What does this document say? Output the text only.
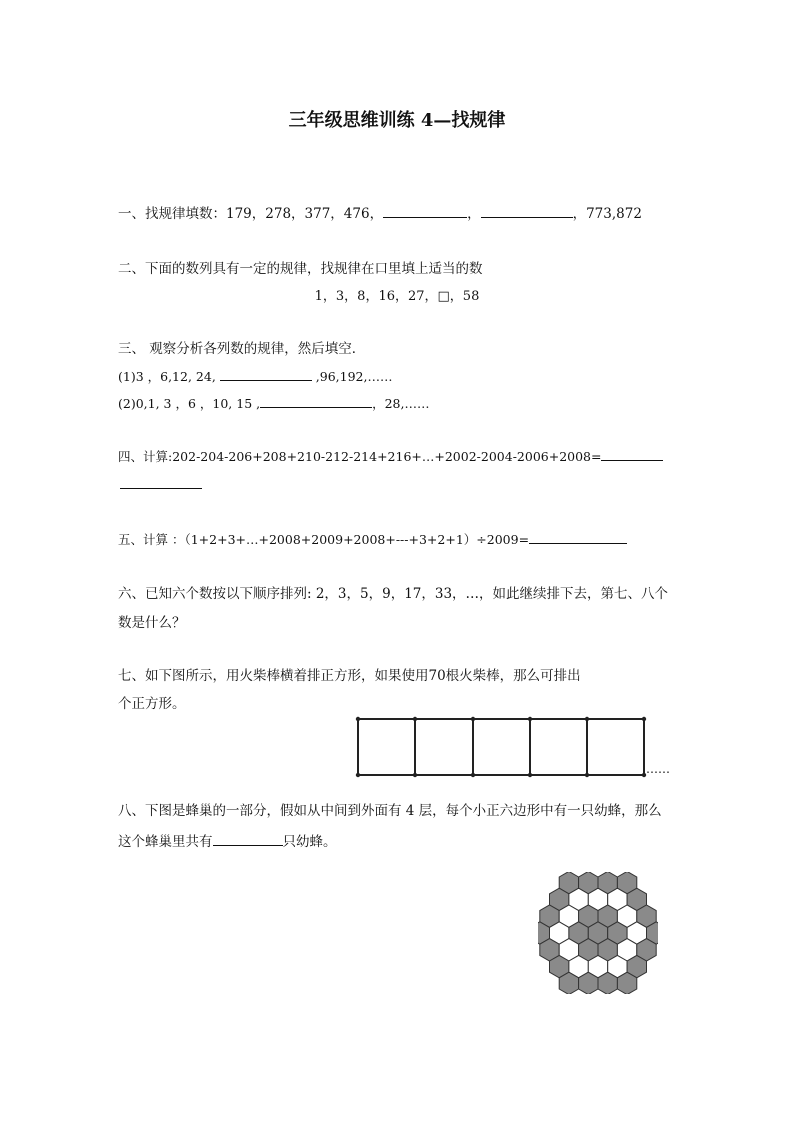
三年级思维训练 4—找规律
一、找规律填数：179，278，377，476，	，	，773,872
二、下面的数列具有一定的规律，找规律在口里填上适当的数
1，3，8，16，27，□，58
三、 观察分析各列数的规律，然后填空．
(1)3 ，6,12, 24,	,96,192,……
(2)0,1, 3 ，6 ，10, 15 ,	，28,……
四、计算:202-204-206+208+210-212-214+216+…+2002-2004-2006+2008=
五、计算 ：（1+2+3+…+2008+2009+2008+---+3+2+1）÷2009=
六、已知六个数按以下顺序排列: 2，3，5，9，17，33，…，如此继续排下去，第七、八个
数是什么？
七、如下图所示，用火柴棒横着排正方形，如果使用70根火柴棒，那么可排出
个正方形。
……
八、下图是蜂巢的一部分，假如从中间到外面有 4 层，每个小正六边形中有一只幼蜂，那么
这个蜂巢里共有	只幼蜂。
